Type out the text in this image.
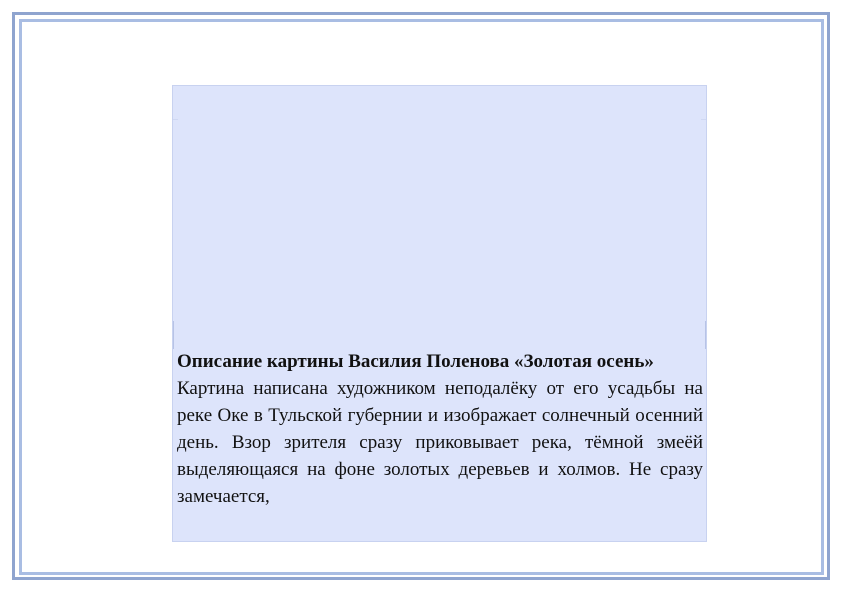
Описание картины Василия Поленова «Золотая осень»

Картина написана художником неподалёку от его усадьбы на реке Оке в Тульской губернии и изображает солнечный осенний день. Взор зрителя сразу приковывает река, тёмной змеёй выделяющаяся на фоне золотых деревьев и холмов. Не сразу замечается,
